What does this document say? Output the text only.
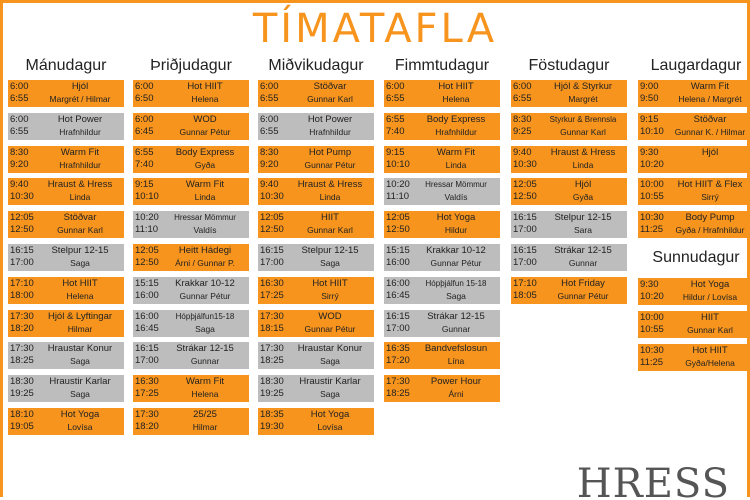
TÍMATAFLA
Mánudagur
6:00
6:55
Hjól
Margrét / Hilmar
6:00
6:55
Hot Power
Hrafnhildur
8:30
9:20
Warm Fit
Hrafnhildur
9:40
10:30
Hraust & Hress
Linda
12:05
12:50
Stöðvar
Gunnar Karl
16:15
17:00
Stelpur 12-15
Saga
17:10
18:00
Hot HIIT
Helena
17:30
18:20
Hjól & Lyftingar
Hilmar
17:30
18:25
Hraustar Konur
Saga
18:30
19:25
Hraustir Karlar
Saga
18:10
19:05
Hot Yoga
Lovísa
Þriðjudagur
6:00
6:50
Hot HIIT
Helena
6:00
6:45
WOD
Gunnar Pétur
6:55
7:40
Body Express
Gyða
9:15
10:10
Warm Fit
Linda
10:20
11:10
Hressar Mömmur
Valdís
12:05
12:50
Heitt Hádegi
Árni / Gunnar P.
15:15
16:00
Krakkar 10-12
Gunnar Pétur
16:00
16:45
Hópþjálfun15-18
Saga
16:15
17:00
Strákar 12-15
Gunnar
16:30
17:25
Warm Fit
Helena
17:30
18:20
25/25
Hilmar
Miðvikudagur
6:00
6:55
Stöðvar
Gunnar Karl
6:00
6:55
Hot Power
Hrafnhildur
8:30
9:20
Hot Pump
Gunnar Pétur
9:40
10:30
Hraust & Hress
Linda
12:05
12:50
HIIT
Gunnar Karl
16:15
17:00
Stelpur 12-15
Saga
16:30
17:25
Hot HIIT
Sirrý
17:30
18:15
WOD
Gunnar Pétur
17:30
18:25
Hraustar Konur
Saga
18:30
19:25
Hraustir Karlar
Saga
18:35
19:30
Hot Yoga
Lovísa
Fimmtudagur
6:00
6:55
Hot HIIT
Helena
6:55
7:40
Body Express
Hrafnhildur
9:15
10:10
Warm Fit
Linda
10:20
11:10
Hressar Mömmur
Valdís
12:05
12:50
Hot Yoga
Hildur
15:15
16:00
Krakkar 10-12
Gunnar Pétur
16:00
16:45
Hópþjálfun 15-18
Saga
16:15
17:00
Strákar 12-15
Gunnar
16:35
17:20
Bandvefslosun
Lína
17:30
18:25
Power Hour
Árni
Föstudagur
6:00
6:55
Hjól & Styrkur
Margrét
8:30
9:25
Styrkur & Brennsla
Gunnar Karl
9:40
10:30
Hraust & Hress
Linda
12:05
12:50
Hjól
Gyða
16:15
17:00
Stelpur 12-15
Sara
16:15
17:00
Strákar 12-15
Gunnar
17:10
18:05
Hot Friday
Gunnar Pétur
Laugardagur
9:00
9:50
Warm Fit
Helena / Margrét
9:15
10:10
Stöðvar
Gunnar K. / Hilmar
9:30
10:20
Hjól
10:00
10:55
Hot HIIT & Flex
Sirrý
10:30
11:25
Body Pump
Gyða / Hrafnhildur
Sunnudagur
9:30
10:20
Hot Yoga
Hildur / Lovísa
10:00
10:55
HIIT
Gunnar Karl
10:30
11:25
Hot HIIT
Gyða/Helena
HRESS
